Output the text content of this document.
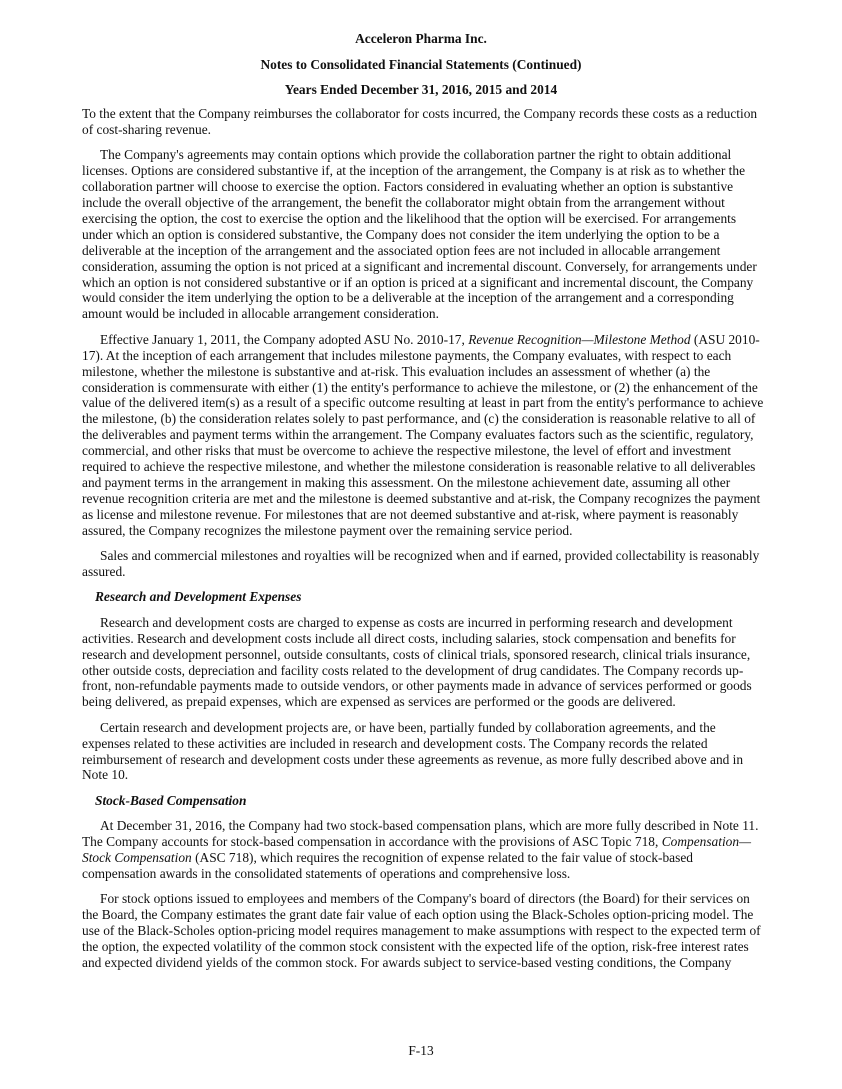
Acceleron Pharma Inc.
Notes to Consolidated Financial Statements (Continued)
Years Ended December 31, 2016, 2015 and 2014

To the extent that the Company reimburses the collaborator for costs incurred, the Company records these costs as a reduction of cost-sharing revenue.

The Company's agreements may contain options which provide the collaboration partner the right to obtain additional licenses. Options are considered substantive if, at the inception of the arrangement, the Company is at risk as to whether the collaboration partner will choose to exercise the option. Factors considered in evaluating whether an option is substantive include the overall objective of the arrangement, the benefit the collaborator might obtain from the arrangement without exercising the option, the cost to exercise the option and the likelihood that the option will be exercised. For arrangements under which an option is considered substantive, the Company does not consider the item underlying the option to be a deliverable at the inception of the arrangement and the associated option fees are not included in allocable arrangement consideration, assuming the option is not priced at a significant and incremental discount. Conversely, for arrangements under which an option is not considered substantive or if an option is priced at a significant and incremental discount, the Company would consider the item underlying the option to be a deliverable at the inception of the arrangement and a corresponding amount would be included in allocable arrangement consideration.

Effective January 1, 2011, the Company adopted ASU No. 2010-17, Revenue Recognition—Milestone Method (ASU 2010-17). At the inception of each arrangement that includes milestone payments, the Company evaluates, with respect to each milestone, whether the milestone is substantive and at-risk. This evaluation includes an assessment of whether (a) the consideration is commensurate with either (1) the entity's performance to achieve the milestone, or (2) the enhancement of the value of the delivered item(s) as a result of a specific outcome resulting at least in part from the entity's performance to achieve the milestone, (b) the consideration relates solely to past performance, and (c) the consideration is reasonable relative to all of the deliverables and payment terms within the arrangement. The Company evaluates factors such as the scientific, regulatory, commercial, and other risks that must be overcome to achieve the respective milestone, the level of effort and investment required to achieve the respective milestone, and whether the milestone consideration is reasonable relative to all deliverables and payment terms in the arrangement in making this assessment. On the milestone achievement date, assuming all other revenue recognition criteria are met and the milestone is deemed substantive and at-risk, the Company recognizes the payment as license and milestone revenue. For milestones that are not deemed substantive and at-risk, where payment is reasonably assured, the Company recognizes the milestone payment over the remaining service period.

Sales and commercial milestones and royalties will be recognized when and if earned, provided collectability is reasonably assured.

Research and Development Expenses

Research and development costs are charged to expense as costs are incurred in performing research and development activities. Research and development costs include all direct costs, including salaries, stock compensation and benefits for research and development personnel, outside consultants, costs of clinical trials, sponsored research, clinical trials insurance, other outside costs, depreciation and facility costs related to the development of drug candidates. The Company records up-front, non-refundable payments made to outside vendors, or other payments made in advance of services performed or goods being delivered, as prepaid expenses, which are expensed as services are performed or the goods are delivered.

Certain research and development projects are, or have been, partially funded by collaboration agreements, and the expenses related to these activities are included in research and development costs. The Company records the related reimbursement of research and development costs under these agreements as revenue, as more fully described above and in Note 10.

Stock-Based Compensation

At December 31, 2016, the Company had two stock-based compensation plans, which are more fully described in Note 11. The Company accounts for stock-based compensation in accordance with the provisions of ASC Topic 718, Compensation—Stock Compensation (ASC 718), which requires the recognition of expense related to the fair value of stock-based compensation awards in the consolidated statements of operations and comprehensive loss.

For stock options issued to employees and members of the Company's board of directors (the Board) for their services on the Board, the Company estimates the grant date fair value of each option using the Black-Scholes option-pricing model. The use of the Black-Scholes option-pricing model requires management to make assumptions with respect to the expected term of the option, the expected volatility of the common stock consistent with the expected life of the option, risk-free interest rates and expected dividend yields of the common stock. For awards subject to service-based vesting conditions, the Company

F-13
